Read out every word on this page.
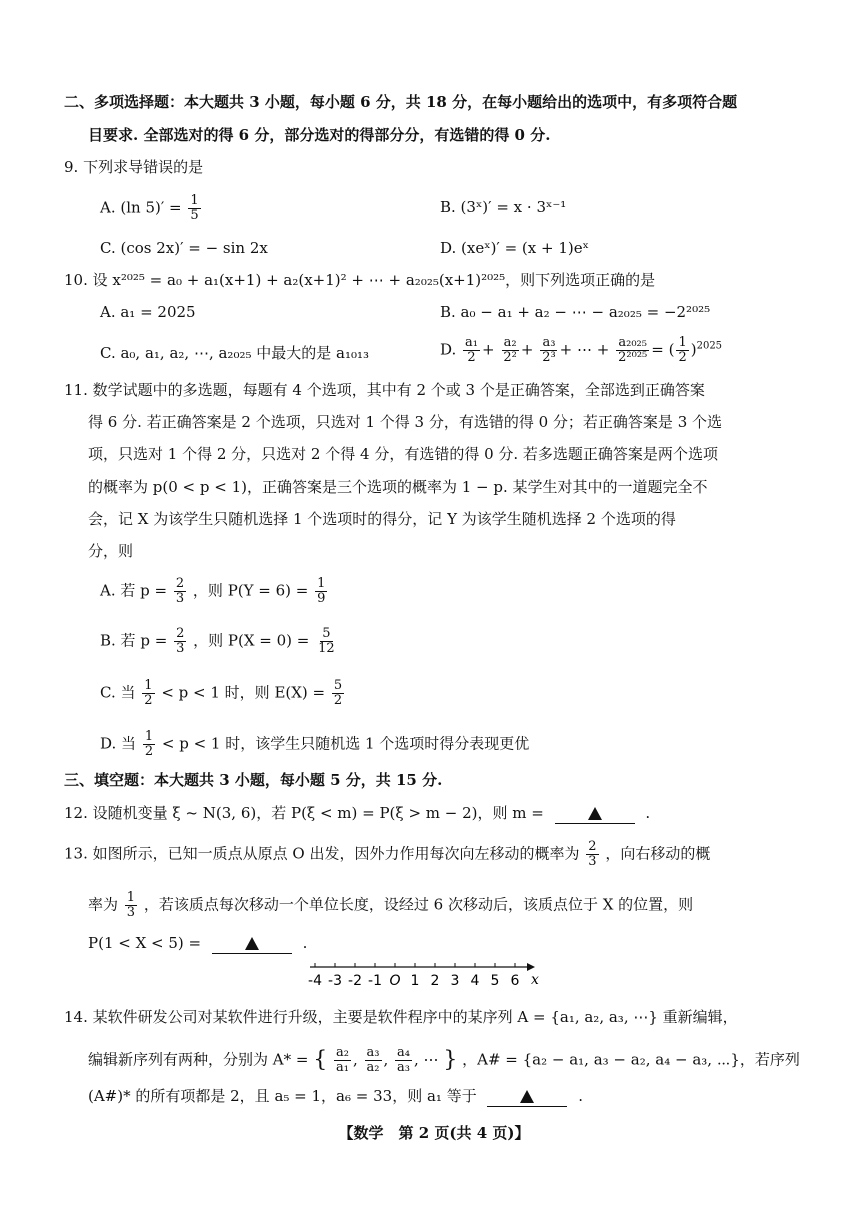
二、多项选择题：本大题共 3 小题，每小题 6 分，共 18 分，在每小题给出的选项中，有多项符合题
目要求. 全部选对的得 6 分，部分选对的得部分分，有选错的得 0 分.
9. 下列求导错误的是
A. (ln $5)' = \frac{1}{5}$	B. (3ˣ)′ = x · 3ˣ⁻¹
C. (cos 2x)′ = − sin 2x	D. (xeˣ)′ = (x + 1)eˣ
10. 设 x²⁰²⁵ = a₀ + a₁(x+1) + a₂(x+1)² + ⋯ + a₂₀₂₅(x+1)²⁰²⁵，则下列选项正确的是
A. a₁ = 2025	B. a₀ − a₁ + a₂ − ⋯ − a₂₀₂₅ = −2²⁰²⁵
C. a₀, a₁, a₂, ⋯, a₂₀₂₅ 中最大的是 a₁₀₁₃	D. $\frac{\text{a₁}}{2} + \frac{\text{a₂}}{\text{2²}} + \frac{\text{a₃}}{\text{2³}}$ + ⋯ + $\frac{\text{a₂₀₂₅}}{\text{2²⁰²⁵}}$ = ( $\frac{1}{2} )^{2025}$
11. 数学试题中的多选题，每题有 4 个选项，其中有 2 个或 3 个是正确答案，全部选到正确答案
得 6 分. 若正确答案是 2 个选项，只选对 1 个得 3 分，有选错的得 0 分；若正确答案是 3 个选
项，只选对 1 个得 2 分，只选对 2 个得 4 分，有选错的得 0 分. 若多选题正确答案是两个选项
的概率为 p(0 < p < 1)，正确答案是三个选项的概率为 1 − p. 某学生对其中的一道题完全不
会，记 X 为该学生只随机选择 1 个选项时的得分，记 Y 为该学生随机选择 2 个选项的得
分，则
A. 若 $p = \frac{2}{3}$ ，则 $P(Y = 6) = \frac{1}{9}$
B. 若 $p = \frac{2}{3}$ ，则 $P(X = 0) = \frac{5}{12}$
C. 当 $\frac{1}{2} < p < 1$ 时，则 $E(X) = \frac{5}{2}$
D. 当 $\frac{1}{2} < p < 1$ 时，该学生只随机选 1 个选项时得分表现更优
三、填空题：本大题共 3 小题，每小题 5 分，共 15 分.
12. 设随机变量 ξ ~ N(3, 6)，若 P(ξ < m) = P(ξ > m − 2)，则 m =	.
13. 如图所示，已知一质点从原点 O 出发，因外力作用每次向左移动的概率为 $\frac{2}{3}$ ，向右移动的概
率为 $\frac{1}{3}$ ，若该质点每次移动一个单位长度，设经过 6 次移动后，该质点位于 X 的位置，则
P(1 < X < 5) =	.
-4 -3 -2 -1 O 1 2 3 4 5 6 x
14. 某软件研发公司对某软件进行升级，主要是软件程序中的某序列 A = {a₁, a₂, a₃, ⋯} 重新编辑，
编辑新序列有两种，分别为 A* = { $\frac{\text{a₂}}{\text{a₁}}$ , $\frac{\text{a₃}}{\text{a₂}}$ , $\frac{\text{a₄}}{\text{a₃}}$ , ⋯ } ，A# = {a₂ − a₁, a₃ − a₂, a₄ − a₃, ⋯}，若序列
(A#)* 的所有项都是 2，且 a₅ = 1，a₆ = 33，则 a₁ 等于	.
【数学　第 2 页(共 4 页)】
